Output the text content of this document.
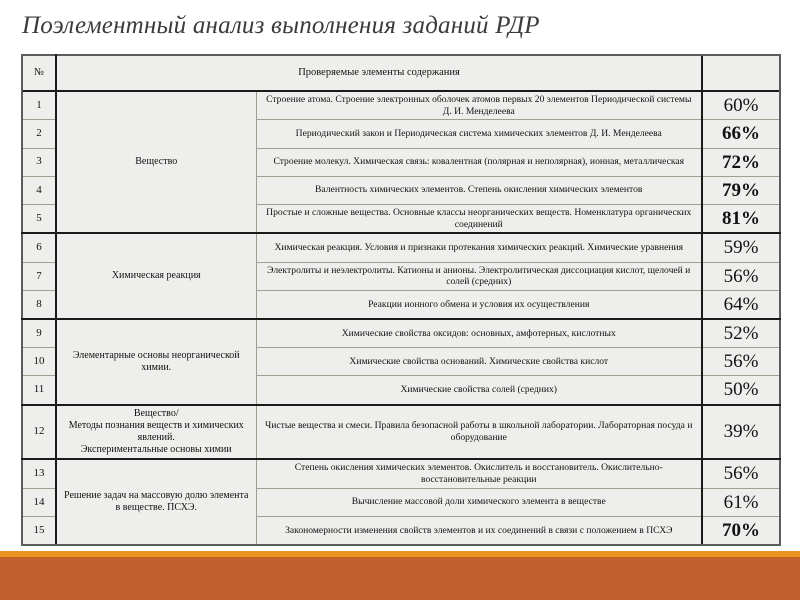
Поэлементный анализ выполнения заданий РДР
№	Проверяемые элементы содержания		
1	Вещество	Строение атома. Строение электронных оболочек атомов первых 20 элементов Периодической системы Д. И. Менделеева	60%
2		Периодический закон и Периодическая система химических элементов Д. И. Менделеева	66%
3		Строение молекул. Химическая связь: ковалентная (полярная и неполярная), ионная, металлическая	72%
4		Валентность химических элементов. Степень окисления химических элементов	79%
5		Простые и сложные вещества. Основные классы неорганических веществ. Номенклатура органических соединений	81%
6	Химическая реакция	Химическая реакция. Условия и признаки протекания химических реакций. Химические уравнения	59%
7		Электролиты и неэлектролиты. Катионы и анионы. Электролитическая диссоциация кислот, щелочей и солей (средних)	56%
8		Реакции ионного обмена и условия их осуществления	64%
9	Элементарные основы неорганической химии.	Химические свойства оксидов: основных, амфотерных, кислотных	52%
10		Химические свойства оснований. Химические свойства кислот	56%
11		Химические свойства солей (средних)	50%
12	Вещество/
Методы познания веществ и химических явлений.
Экспериментальные основы химии	Чистые вещества и смеси. Правила безопасной работы в школьной лаборатории. Лабораторная посуда и оборудование	39%
13	Решение задач на массовую долю элемента в веществе. ПСХЭ.	Степень окисления химических элементов. Окислитель и восстановитель. Окислительно-восстановительные реакции	56%
14		Вычисление массовой доли химического элемента в веществе	61%
15		Закономерности изменения свойств элементов и их соединений в связи с положением в ПСХЭ	70%
